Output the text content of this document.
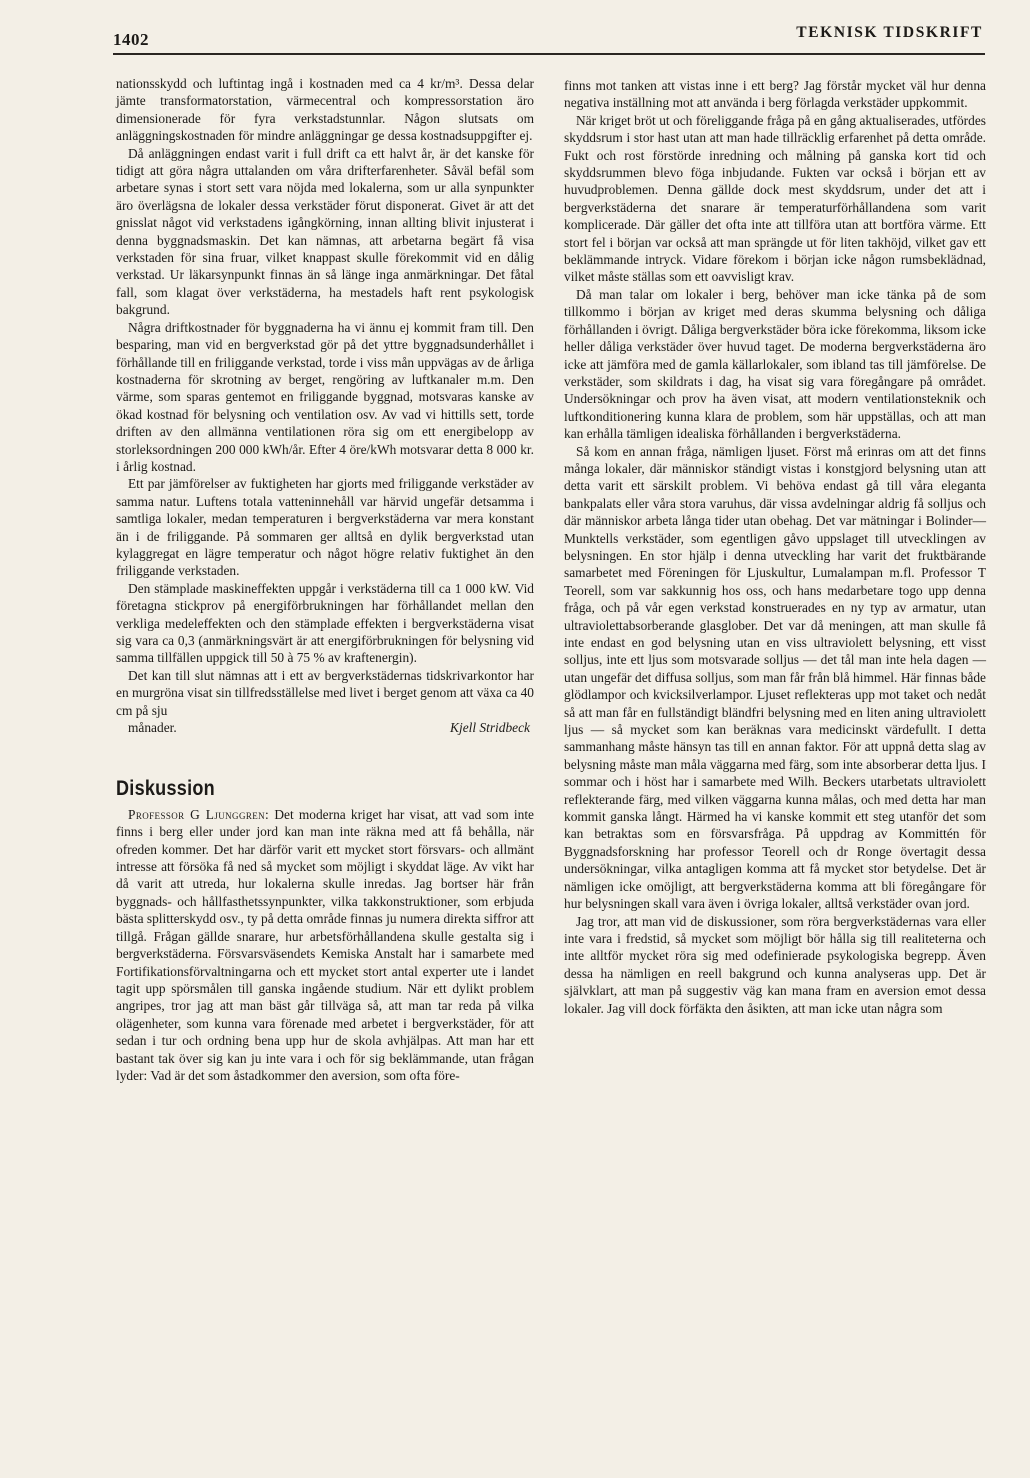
1402	TEKNISK TIDSKRIFT

nationsskydd och luftintag ingå i kostnaden med ca 4 kr/m³. Dessa delar jämte transformatorstation, värmecentral och kompressorstation äro dimensionerade för fyra verkstadstunnlar. Någon slutsats om anläggningskostnaden för mindre anläggningar ge dessa kostnadsuppgifter ej.

Då anläggningen endast varit i full drift ca ett halvt år, är det kanske för tidigt att göra några uttalanden om våra drifterfarenheter. Såväl befäl som arbetare synas i stort sett vara nöjda med lokalerna, som ur alla synpunkter äro överlägsna de lokaler dessa verkstäder förut disponerat. Givet är att det gnisslat något vid verkstadens igångkörning, innan allting blivit injusterat i denna byggnadsmaskin. Det kan nämnas, att arbetarna begärt få visa verkstaden för sina fruar, vilket knappast skulle förekommit vid en dålig verkstad. Ur läkarsynpunkt finnas än så länge inga anmärkningar. Det fåtal fall, som klagat över verkstäderna, ha mestadels haft rent psykologisk bakgrund.

Några driftkostnader för byggnaderna ha vi ännu ej kommit fram till. Den besparing, man vid en bergverkstad gör på det yttre byggnadsunderhållet i förhållande till en friliggande verkstad, torde i viss mån uppvägas av de årliga kostnaderna för skrotning av berget, rengöring av luftkanaler m.m. Den värme, som sparas gentemot en friliggande byggnad, motsvaras kanske av ökad kostnad för belysning och ventilation osv. Av vad vi hittills sett, torde driften av den allmänna ventilationen röra sig om ett energibelopp av storleksordningen 200 000 kWh/år. Efter 4 öre/kWh motsvarar detta 8 000 kr. i årlig kostnad.

Ett par jämförelser av fuktigheten har gjorts med friliggande verkstäder av samma natur. Luftens totala vatteninnehåll var härvid ungefär detsamma i samtliga lokaler, medan temperaturen i bergverkstäderna var mera konstant än i de friliggande. På sommaren ger alltså en dylik bergverkstad utan kylaggregat en lägre temperatur och något högre relativ fuktighet än den friliggande verkstaden.

Den stämplade maskineffekten uppgår i verkstäderna till ca 1 000 kW. Vid företagna stickprov på energiförbrukningen har förhållandet mellan den verkliga medeleffekten och den stämplade effekten i bergverkstäderna visat sig vara ca 0,3 (anmärkningsvärt är att energiförbrukningen för belysning vid samma tillfällen uppgick till 50 à 75 % av kraftenergin).

Det kan till slut nämnas att i ett av bergverkstädernas tidskrivarkontor har en murgröna visat sin tillfredsställelse med livet i berget genom att växa ca 40 cm på sju

månader.	Kjell Stridbeck

Diskussion

Professor G Ljunggren: Det moderna kriget har visat, att vad som inte finns i berg eller under jord kan man inte räkna med att få behålla, när ofreden kommer. Det har därför varit ett mycket stort försvars- och allmänt intresse att försöka få ned så mycket som möjligt i skyddat läge. Av vikt har då varit att utreda, hur lokalerna skulle inredas. Jag bortser här från byggnads- och hållfasthetssynpunkter, vilka takkonstruktioner, som erbjuda bästa splitterskydd osv., ty på detta område finnas ju numera direkta siffror att tillgå. Frågan gällde snarare, hur arbetsförhållandena skulle gestalta sig i bergverkstäderna. Försvarsväsendets Kemiska Anstalt har i samarbete med Fortifikationsförvaltningarna och ett mycket stort antal experter ute i landet tagit upp spörsmålen till ganska ingående studium. När ett dylikt problem angripes, tror jag att man bäst går tillväga så, att man tar reda på vilka olägenheter, som kunna vara förenade med arbetet i bergverkstäder, för att sedan i tur och ordning bena upp hur de skola avhjälpas. Att man har ett bastant tak över sig kan ju inte vara i och för sig beklämmande, utan frågan lyder: Vad är det som åstadkommer den aversion, som ofta före-

finns mot tanken att vistas inne i ett berg? Jag förstår mycket väl hur denna negativa inställning mot att använda i berg förlagda verkstäder uppkommit.

När kriget bröt ut och föreliggande fråga på en gång aktualiserades, utfördes skyddsrum i stor hast utan att man hade tillräcklig erfarenhet på detta område. Fukt och rost förstörde inredning och målning på ganska kort tid och skyddsrummen blevo föga inbjudande. Fukten var också i början ett av huvudproblemen. Denna gällde dock mest skyddsrum, under det att i bergverkstäderna det snarare är temperaturförhållandena som varit komplicerade. Där gäller det ofta inte att tillföra utan att bortföra värme. Ett stort fel i början var också att man sprängde ut för liten takhöjd, vilket gav ett beklämmande intryck. Vidare förekom i början icke någon rumsbeklädnad, vilket måste ställas som ett oavvisligt krav.

Då man talar om lokaler i berg, behöver man icke tänka på de som tillkommo i början av kriget med deras skumma belysning och dåliga förhållanden i övrigt. Dåliga bergverkstäder böra icke förekomma, liksom icke heller dåliga verkstäder över huvud taget. De moderna bergverkstäderna äro icke att jämföra med de gamla källarlokaler, som ibland tas till jämförelse. De verkstäder, som skildrats i dag, ha visat sig vara föregångare på området. Undersökningar och prov ha även visat, att modern ventilationsteknik och luftkonditionering kunna klara de problem, som här uppställas, och att man kan erhålla tämligen idealiska förhållanden i bergverkstäderna.

Så kom en annan fråga, nämligen ljuset. Först må erinras om att det finns många lokaler, där människor ständigt vistas i konstgjord belysning utan att detta varit ett särskilt problem. Vi behöva endast gå till våra eleganta bankpalats eller våra stora varuhus, där vissa avdelningar aldrig få solljus och där människor arbeta långa tider utan obehag. Det var mätningar i Bolinder—Munktells verkstäder, som egentligen gåvo uppslaget till utvecklingen av belysningen. En stor hjälp i denna utveckling har varit det fruktbärande samarbetet med Föreningen för Ljuskultur, Lumalampan m.fl. Professor T Teorell, som var sakkunnig hos oss, och hans medarbetare togo upp denna fråga, och på vår egen verkstad konstruerades en ny typ av armatur, utan ultraviolettabsorberande glasglober. Det var då meningen, att man skulle få inte endast en god belysning utan en viss ultraviolett belysning, ett visst solljus, inte ett ljus som motsvarade solljus — det tål man inte hela dagen — utan ungefär det diffusa solljus, som man får från blå himmel. Här finnas både glödlampor och kvicksilverlampor. Ljuset reflekteras upp mot taket och nedåt så att man får en fullständigt bländfri belysning med en liten aning ultraviolett ljus — så mycket som kan beräknas vara medicinskt värdefullt. I detta sammanhang måste hänsyn tas till en annan faktor. För att uppnå detta slag av belysning måste man måla väggarna med färg, som inte absorberar detta ljus. I sommar och i höst har i samarbete med Wilh. Beckers utarbetats ultraviolett reflekterande färg, med vilken väggarna kunna målas, och med detta har man kommit ganska långt. Härmed ha vi kanske kommit ett steg utanför det som kan betraktas som en försvarsfråga. På uppdrag av Kommittén för Byggnadsforskning har professor Teorell och dr Ronge övertagit dessa undersökningar, vilka antagligen komma att få mycket stor betydelse. Det är nämligen icke omöjligt, att bergverkstäderna komma att bli föregångare för hur belysningen skall vara även i övriga lokaler, alltså verkstäder ovan jord.

Jag tror, att man vid de diskussioner, som röra bergverkstädernas vara eller inte vara i fredstid, så mycket som möjligt bör hålla sig till realiteterna och inte alltför mycket röra sig med odefinierade psykologiska begrepp. Även dessa ha nämligen en reell bakgrund och kunna analyseras upp. Det är självklart, att man på suggestiv väg kan mana fram en aversion emot dessa lokaler. Jag vill dock förfäkta den åsikten, att man icke utan några som
